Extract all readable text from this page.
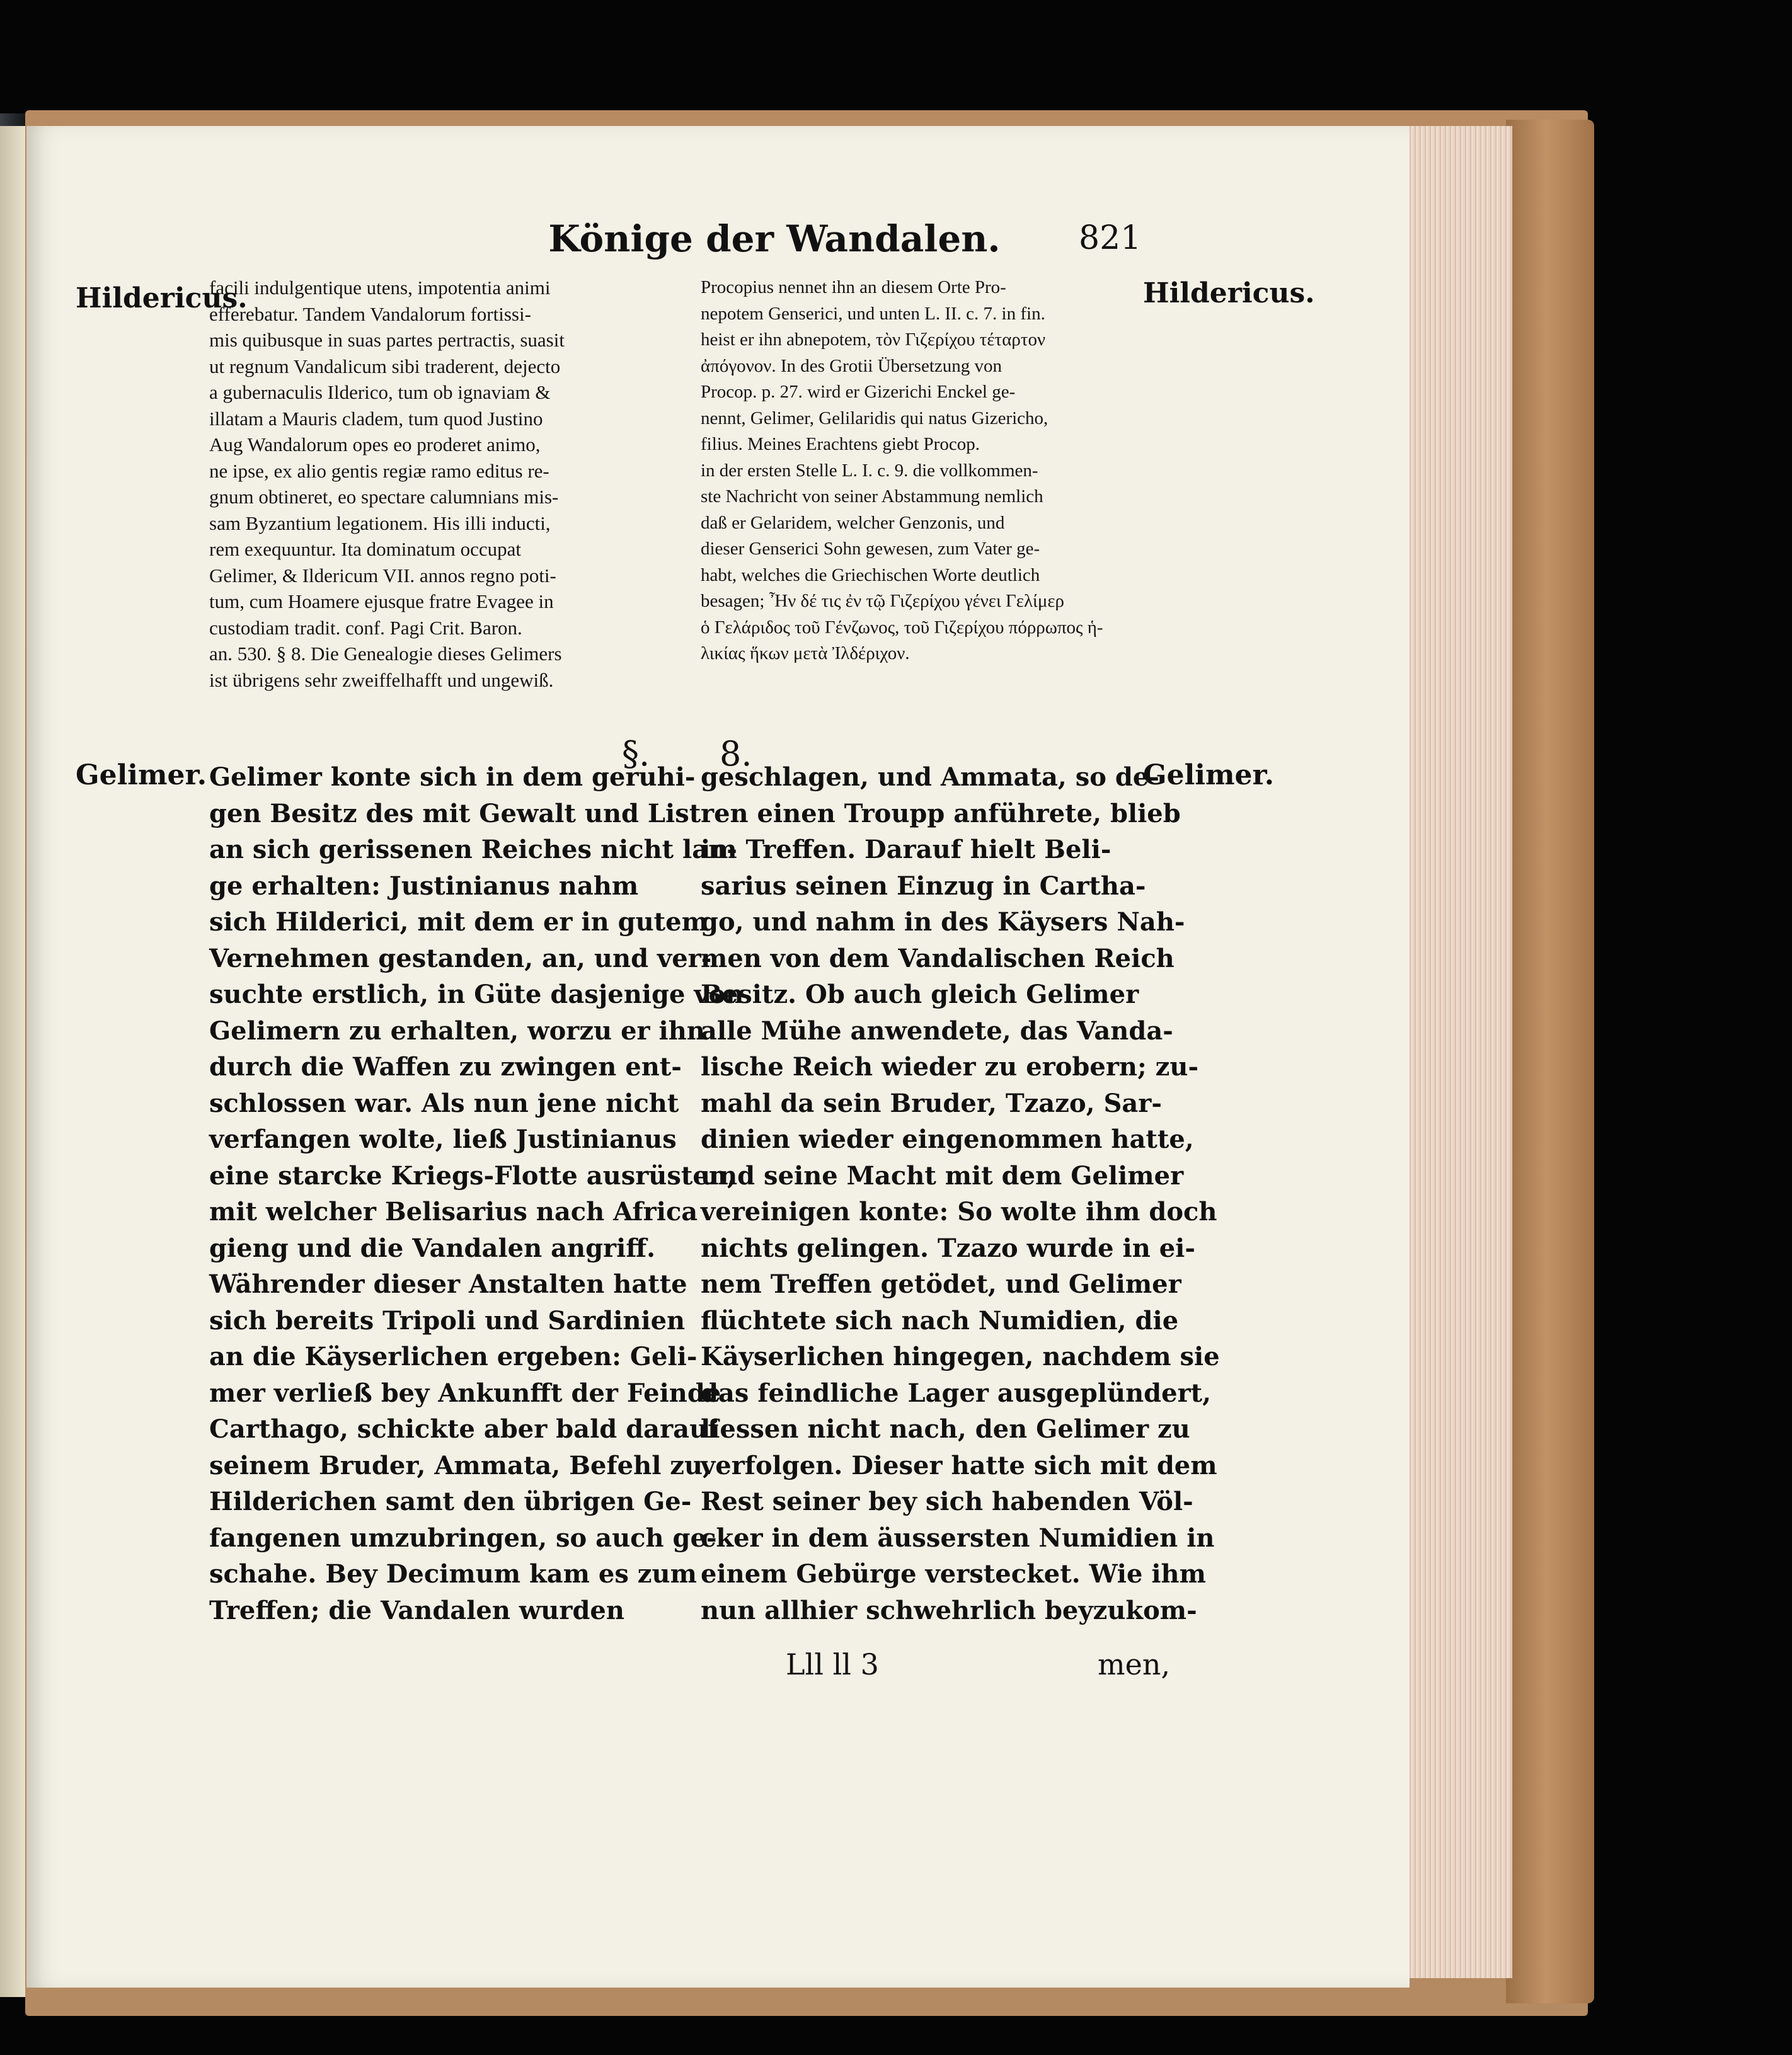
Könige der Wandalen.	821
Hildericus.	Hildericus.
facili indulgentique utens, impotentia animi
efferebatur. Tandem Vandalorum fortissi-
mis quibusque in suas partes pertractis, suasit
ut regnum Vandalicum sibi traderent, dejecto
a gubernaculis Ilderico, tum ob ignaviam &
illatam a Mauris cladem, tum quod Justino
Aug Wandalorum opes eo proderet animo,
ne ipse, ex alio gentis regiæ ramo editus re-
gnum obtineret, eo spectare calumnians mis-
sam Byzantium legationem. His illi inducti,
rem exequuntur. Ita dominatum occupat
Gelimer, & Ildericum VII. annos regno poti-
tum, cum Hoamere ejusque fratre Evagee in
custodiam tradit. conf. Pagi Crit. Baron.
an. 530. § 8. Die Genealogie dieses Gelimers
ist übrigens sehr zweiffelhafft und ungewiß.
Procopius nennet ihn an diesem Orte Pro-
nepotem Genserici, und unten L. II. c. 7. in fin.
heist er ihn abnepotem, τὸν Γιζερίχου τέταρτον
ἀπόγονον. In des Grotii Übersetzung von
Procop. p. 27. wird er Gizerichi Enckel ge-
nennt, Gelimer, Gelilaridis qui natus Gizericho,
filius. Meines Erachtens giebt Procop.
in der ersten Stelle L. I. c. 9. die vollkommen-
ste Nachricht von seiner Abstammung nemlich
daß er Gelaridem, welcher Genzonis, und
dieser Genserici Sohn gewesen, zum Vater ge-
habt, welches die Griechischen Worte deutlich
besagen; Ἦν δέ τις ἐν τῷ Γιζερίχου γένει Γελίμερ
ὁ Γελάριδος τοῦ Γένζωνος, τοῦ Γιζερίχου πόρρωπος ἡ-
λικίας ἥκων μετὰ Ἰλδέριχον.
§. 8.
Gelimer.	Gelimer.
Gelimer konte sich in dem geruhi-
gen Besitz des mit Gewalt und List
an sich gerissenen Reiches nicht lan-
ge erhalten: Justinianus nahm
sich Hilderici, mit dem er in gutem
Vernehmen gestanden, an, und ver-
suchte erstlich, in Güte dasjenige von
Gelimern zu erhalten, worzu er ihn
durch die Waffen zu zwingen ent-
schlossen war. Als nun jene nicht
verfangen wolte, ließ Justinianus
eine starcke Kriegs-Flotte ausrüsten,
mit welcher Belisarius nach Africa
gieng und die Vandalen angriff.
Währender dieser Anstalten hatte
sich bereits Tripoli und Sardinien
an die Käyserlichen ergeben: Geli-
mer verließ bey Ankunfft der Feinde
Carthago, schickte aber bald darauf
seinem Bruder, Ammata, Befehl zu,
Hilderichen samt den übrigen Ge-
fangenen umzubringen, so auch ge-
schahe. Bey Decimum kam es zum
Treffen; die Vandalen wurden
geschlagen, und Ammata, so de-
ren einen Troupp anführete, blieb
im Treffen. Darauf hielt Beli-
sarius seinen Einzug in Cartha-
go, und nahm in des Käysers Nah-
men von dem Vandalischen Reich
Besitz. Ob auch gleich Gelimer
alle Mühe anwendete, das Vanda-
lische Reich wieder zu erobern; zu-
mahl da sein Bruder, Tzazo, Sar-
dinien wieder eingenommen hatte,
und seine Macht mit dem Gelimer
vereinigen konte: So wolte ihm doch
nichts gelingen. Tzazo wurde in ei-
nem Treffen getödet, und Gelimer
flüchtete sich nach Numidien, die
Käyserlichen hingegen, nachdem sie
das feindliche Lager ausgeplündert,
liessen nicht nach, den Gelimer zu
verfolgen. Dieser hatte sich mit dem
Rest seiner bey sich habenden Völ-
cker in dem äussersten Numidien in
einem Gebürge verstecket. Wie ihm
nun allhier schwehrlich beyzukom-
Lll ll 3	men,
